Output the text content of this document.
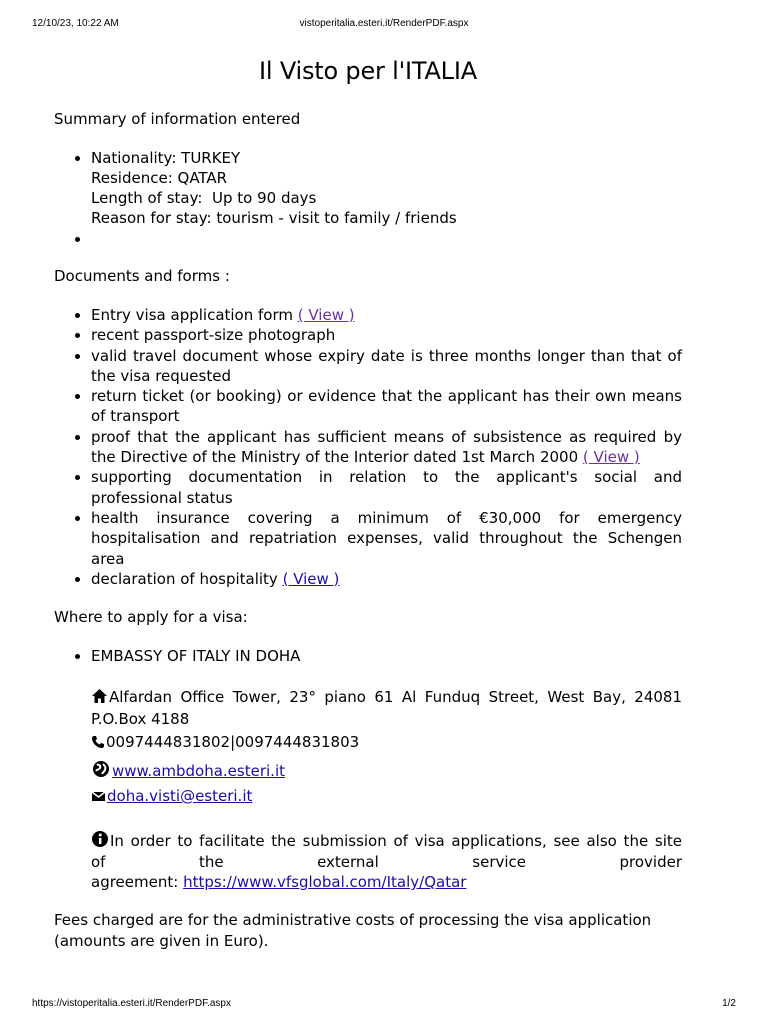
12/10/23, 10:22 AM	vistoperitalia.esteri.it/RenderPDF.aspx
Il Visto per l'ITALIA
Summary of information entered
Nationality: TURKEY
Residence: QATAR
Length of stay:  Up to 90 days
Reason for stay: tourism - visit to family / friends
Documents and forms :
Entry visa application form ( View )
recent passport-size photograph
valid travel document whose expiry date is three months longer than that of the visa requested
return ticket (or booking) or evidence that the applicant has their own means of transport
proof that the applicant has sufficient means of subsistence as required by the Directive of the Ministry of the Interior dated 1st March 2000 ( View )
supporting documentation in relation to the applicant's social and professional status
health insurance covering a minimum of €30,000 for emergency hospitalisation and repatriation expenses, valid throughout the Schengen area
declaration of hospitality ( View )
Where to apply for a visa:
EMBASSY OF ITALY IN DOHA
Alfardan Office Tower, 23° piano 61 Al Funduq Street, West Bay, 24081
P.O.Box 4188
0097444831802|0097444831803
www.ambdoha.esteri.it
doha.visti@esteri.it
In order to facilitate the submission of visa applications, see also the site
of	the	external	service	provider
agreement: https://www.vfsglobal.com/Italy/Qatar
Fees charged are for the administrative costs of processing the visa application (amounts are given in Euro).
https://vistoperitalia.esteri.it/RenderPDF.aspx	1/2
